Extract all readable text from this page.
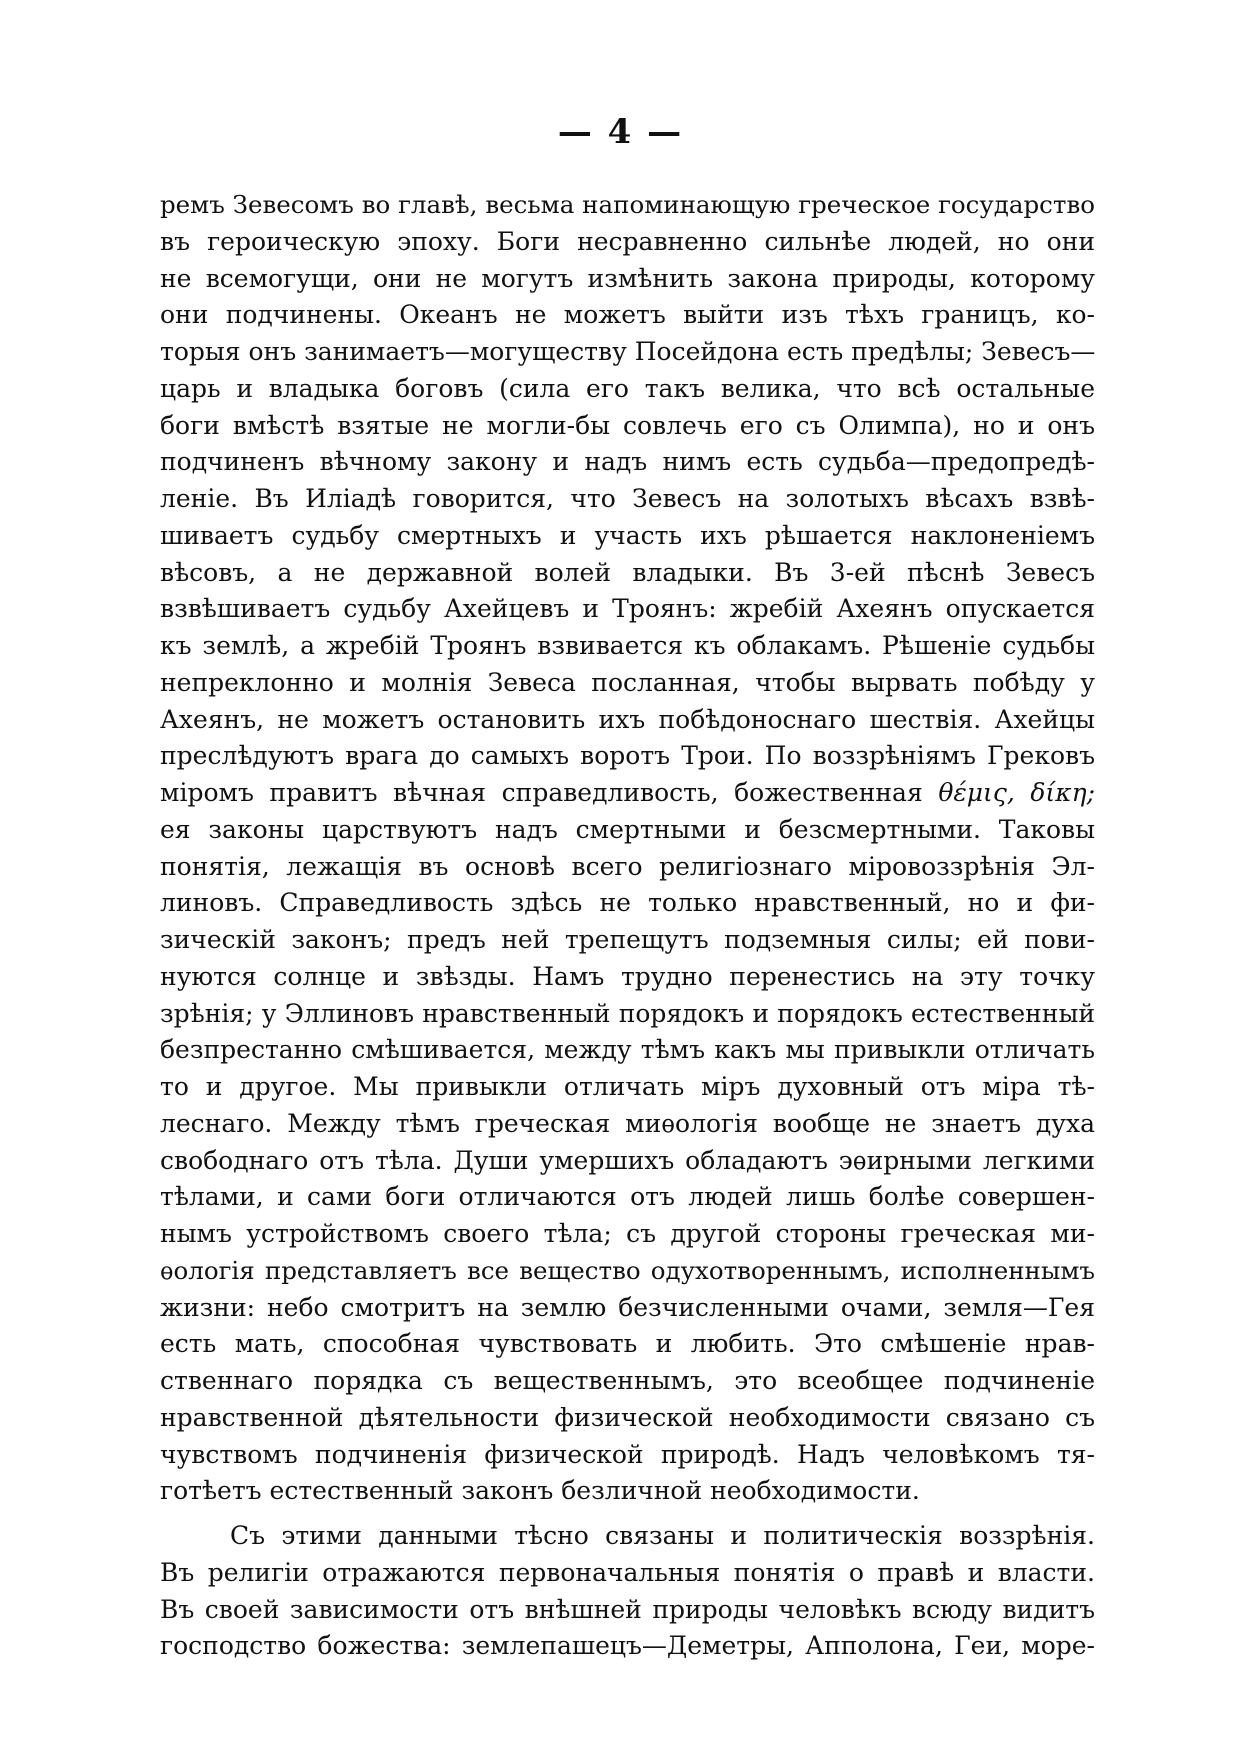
— 4 —
ремъ Зевесомъ во главѣ, весьма напоминающую греческое государство
въ героическую эпоху. Боги несравненно сильнѣе людей, но они
не всемогущи, они не могутъ измѣнить закона природы, которому
они подчинены. Океанъ не можетъ выйти изъ тѣхъ границъ, ко-
торыя онъ занимаетъ—могуществу Посейдона есть предѣлы; Зевесъ—
царь и владыка боговъ (сила его такъ велика, что всѣ остальные
боги вмѣстѣ взятые не могли-бы совлечь его съ Олимпа), но и онъ
подчиненъ вѣчному закону и надъ нимъ есть судьба—предопредѣ-
леніе. Въ Иліадѣ говорится, что Зевесъ на золотыхъ вѣсахъ взвѣ-
шиваетъ судьбу смертныхъ и участь ихъ рѣшается наклоненіемъ
вѣсовъ, а не державной волей владыки. Въ 3-ей пѣснѣ Зевесъ
взвѣшиваетъ судьбу Ахейцевъ и Троянъ: жребій Ахеянъ опускается
къ землѣ, а жребій Троянъ взвивается къ облакамъ. Рѣшеніе судьбы
непреклонно и молнія Зевеса посланная, чтобы вырвать побѣду у
Ахеянъ, не можетъ остановить ихъ побѣдоноснаго шествія. Ахейцы
преслѣдуютъ врага до самыхъ воротъ Трои. По воззрѣніямъ Грековъ
міромъ правитъ вѣчная справедливость, божественная θέμις, δίκη;
ея законы царствуютъ надъ смертными и безсмертными. Таковы
понятія, лежащія въ основѣ всего религіознаго міровоззрѣнія Эл-
линовъ. Справедливость здѣсь не только нравственный, но и фи-
зическій законъ; предъ ней трепещутъ подземныя силы; ей пови-
нуются солнце и звѣзды. Намъ трудно перенестись на эту точку
зрѣнія; у Эллиновъ нравственный порядокъ и порядокъ естественный
безпрестанно смѣшивается, между тѣмъ какъ мы привыкли отличать
то и другое. Мы привыкли отличать міръ духовный отъ міра тѣ-
леснаго. Между тѣмъ греческая миѳологія вообще не знаетъ духа
свободнаго отъ тѣла. Души умершихъ обладаютъ эѳирными легкими
тѣлами, и сами боги отличаются отъ людей лишь болѣе совершен-
нымъ устройствомъ своего тѣла; съ другой стороны греческая ми-
ѳологія представляетъ все вещество одухотвореннымъ, исполненнымъ
жизни: небо смотритъ на землю безчисленными очами, земля—Гея
есть мать, способная чувствовать и любить. Это смѣшеніе нрав-
ственнаго порядка съ вещественнымъ, это всеобщее подчиненіе
нравственной дѣятельности физической необходимости связано съ
чувствомъ подчиненія физической природѣ. Надъ человѣкомъ тя-
готѣетъ естественный законъ безличной необходимости.
Съ этими данными тѣсно связаны и политическія воззрѣнія.
Въ религіи отражаются первоначальныя понятія о правѣ и власти.
Въ своей зависимости отъ внѣшней природы человѣкъ всюду видитъ
господство божества: землепашецъ—Деметры, Апполона, Геи, море-
